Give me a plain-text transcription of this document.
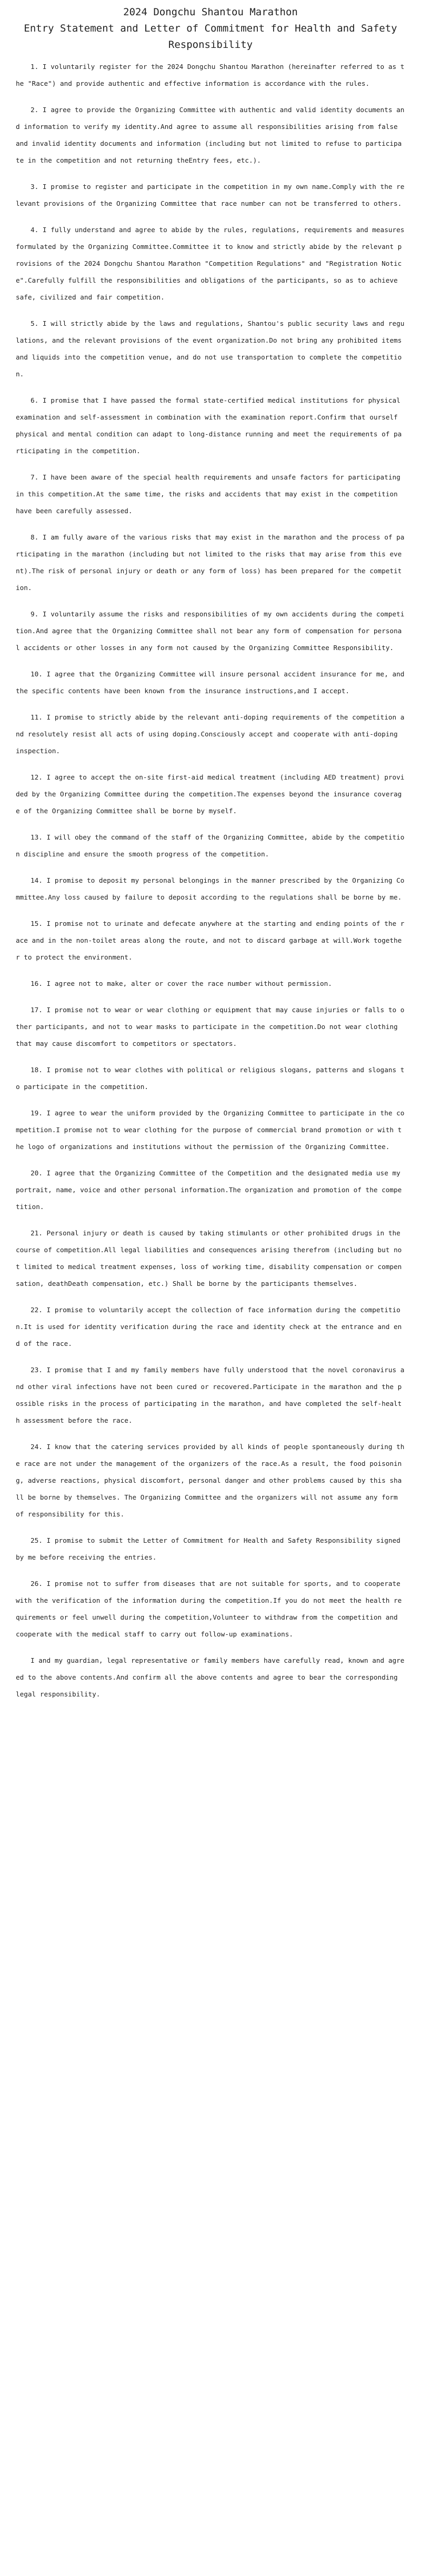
2024 Dongchu Shantou Marathon
Entry Statement and Letter of Commitment for Health and Safety Responsibility

1. I voluntarily register for the 2024 Dongchu Shantou Marathon (hereinafter referred to as the "Race") and provide authentic and effective information is accordance with the rules.

2. I agree to provide the Organizing Committee with authentic and valid identity documents and information to verify my identity.And agree to assume all responsibilities arising from false and invalid identity documents and information (including but not limited to refuse to participate in the competition and not returning theEntry fees, etc.).

3. I promise to register and participate in the competition in my own name.Comply with the relevant provisions of the Organizing Committee that race number can not be transferred to others.

4. I fully understand and agree to abide by the rules, regulations, requirements and measures formulated by the Organizing Committee.Committee it to know and strictly abide by the relevant provisions of the 2024 Dongchu Shantou Marathon "Competition Regulations" and "Registration Notice".Carefully fulfill the responsibilities and obligations of the participants, so as to achieve safe, civilized and fair competition.

5. I will strictly abide by the laws and regulations, Shantou's public security laws and regulations, and the relevant provisions of the event organization.Do not bring any prohibited items and liquids into the competition venue, and do not use transportation to complete the competition.

6. I promise that I have passed the formal state-certified medical institutions for physical examination and self-assessment in combination with the examination report.Confirm that ourself physical and mental condition can adapt to long-distance running and meet the requirements of participating in the competition.

7. I have been aware of the special health requirements and unsafe factors for participating in this competition.At the same time, the risks and accidents that may exist in the competition have been carefully assessed.

8. I am fully aware of the various risks that may exist in the marathon and the process of participating in the marathon (including but not limited to the risks that may arise from this event).The risk of personal injury or death or any form of loss) has been prepared for the competition.

9. I voluntarily assume the risks and responsibilities of my own accidents during the competition.And agree that the Organizing Committee shall not bear any form of compensation for personal accidents or other losses in any form not caused by the Organizing Committee Responsibility.

10. I agree that the Organizing Committee will insure personal accident insurance for me, and the specific contents have been known from the insurance instructions,and I accept.

11. I promise to strictly abide by the relevant anti-doping requirements of the competition and resolutely resist all acts of using doping.Consciously accept and cooperate with anti-doping inspection.

12. I agree to accept the on-site first-aid medical treatment (including AED treatment) provided by the Organizing Committee during the competition.The expenses beyond the insurance coverage of the Organizing Committee shall be borne by myself.

13. I will obey the command of the staff of the Organizing Committee, abide by the competition discipline and ensure the smooth progress of the competition.

14. I promise to deposit my personal belongings in the manner prescribed by the Organizing Committee.Any loss caused by failure to deposit according to the regulations shall be borne by me.

15. I promise not to urinate and defecate anywhere at the starting and ending points of the race and in the non-toilet areas along the route, and not to discard garbage at will.Work together to protect the environment.

16. I agree not to make, alter or cover the race number without permission.

17. I promise not to wear or wear clothing or equipment that may cause injuries or falls to other participants, and not to wear masks to participate in the competition.Do not wear clothing that may cause discomfort to competitors or spectators.

18. I promise not to wear clothes with political or religious slogans, patterns and slogans to participate in the competition.

19. I agree to wear the uniform provided by the Organizing Committee to participate in the competition.I promise not to wear clothing for the purpose of commercial brand promotion or with the logo of organizations and institutions without the permission of the Organizing Committee.

20. I agree that the Organizing Committee of the Competition and the designated media use my portrait, name, voice and other personal information.The organization and promotion of the competition.

21. Personal injury or death is caused by taking stimulants or other prohibited drugs in the course of competition.All legal liabilities and consequences arising therefrom (including but not limited to medical treatment expenses, loss of working time, disability compensation or compensation, deathDeath compensation, etc.) Shall be borne by the participants themselves.

22. I promise to voluntarily accept the collection of face information during the competition.It is used for identity verification during the race and identity check at the entrance and end of the race.

23. I promise that I and my family members have fully understood that the novel coronavirus and other viral infections have not been cured or recovered.Participate in the marathon and the possible risks in the process of participating in the marathon, and have completed the self-health assessment before the race.

24. I know that the catering services provided by all kinds of people spontaneously during the race are not under the management of the organizers of the race.As a result, the food poisoning, adverse reactions, physical discomfort, personal danger and other problems caused by this shall be borne by themselves. The Organizing Committee and the organizers will not assume any form of responsibility for this.

25. I promise to submit the Letter of Commitment for Health and Safety Responsibility signed by me before receiving the entries.

26. I promise not to suffer from diseases that are not suitable for sports, and to cooperate with the verification of the information during the competition.If you do not meet the health requirements or feel unwell during the competition,Volunteer to withdraw from the competition and cooperate with the medical staff to carry out follow-up examinations.

I and my guardian, legal representative or family members have carefully read, known and agreed to the above contents.And confirm all the above contents and agree to bear the corresponding legal responsibility.
